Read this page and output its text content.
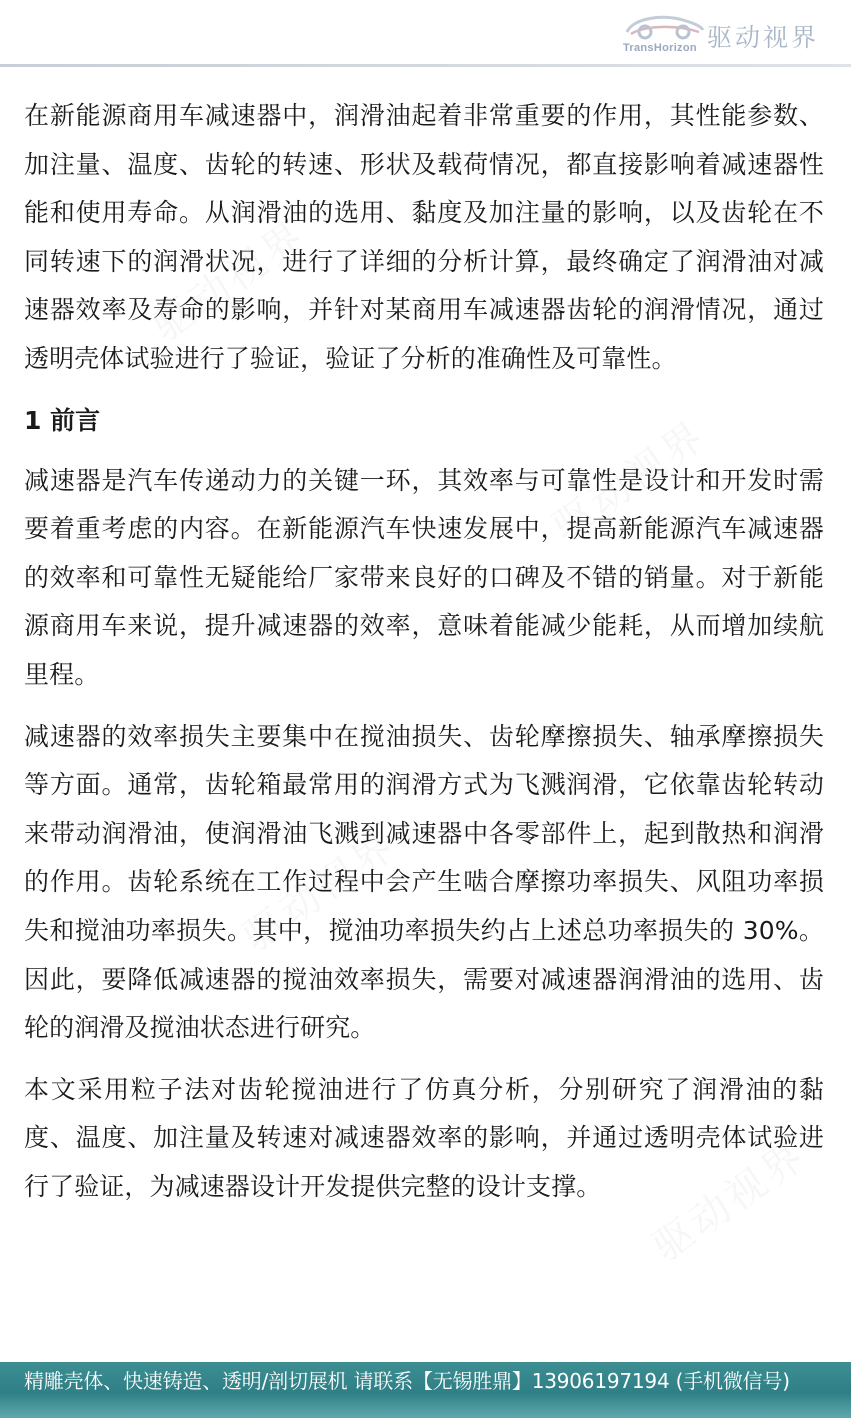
TransHorizon 驱动视界
驱动视界
驱动视界
驱动视界
驱动视界

在新能源商用车减速器中，润滑油起着非常重要的作用，其性能参数、加注量、温度、齿轮的转速、形状及载荷情况，都直接影响着减速器性能和使用寿命。从润滑油的选用、黏度及加注量的影响，以及齿轮在不同转速下的润滑状况，进行了详细的分析计算，最终确定了润滑油对减速器效率及寿命的影响，并针对某商用车减速器齿轮的润滑情况，通过透明壳体试验进行了验证，验证了分析的准确性及可靠性。

1 前言

减速器是汽车传递动力的关键一环，其效率与可靠性是设计和开发时需要着重考虑的内容。在新能源汽车快速发展中，提高新能源汽车减速器的效率和可靠性无疑能给厂家带来良好的口碑及不错的销量。对于新能源商用车来说，提升减速器的效率，意味着能减少能耗，从而增加续航里程。

减速器的效率损失主要集中在搅油损失、齿轮摩擦损失、轴承摩擦损失等方面。通常，齿轮箱最常用的润滑方式为飞溅润滑，它依靠齿轮转动来带动润滑油，使润滑油飞溅到减速器中各零部件上，起到散热和润滑的作用。齿轮系统在工作过程中会产生啮合摩擦功率损失、风阻功率损失和搅油功率损失。其中，搅油功率损失约占上述总功率损失的 30%。因此，要降低减速器的搅油效率损失，需要对减速器润滑油的选用、齿轮的润滑及搅油状态进行研究。

本文采用粒子法对齿轮搅油进行了仿真分析，分别研究了润滑油的黏度、温度、加注量及转速对减速器效率的影响，并通过透明壳体试验进行了验证，为减速器设计开发提供完整的设计支撑。

精雕壳体、快速铸造、透明/剖切展机 请联系【无锡胜鼎】13906197194 (手机微信号)
